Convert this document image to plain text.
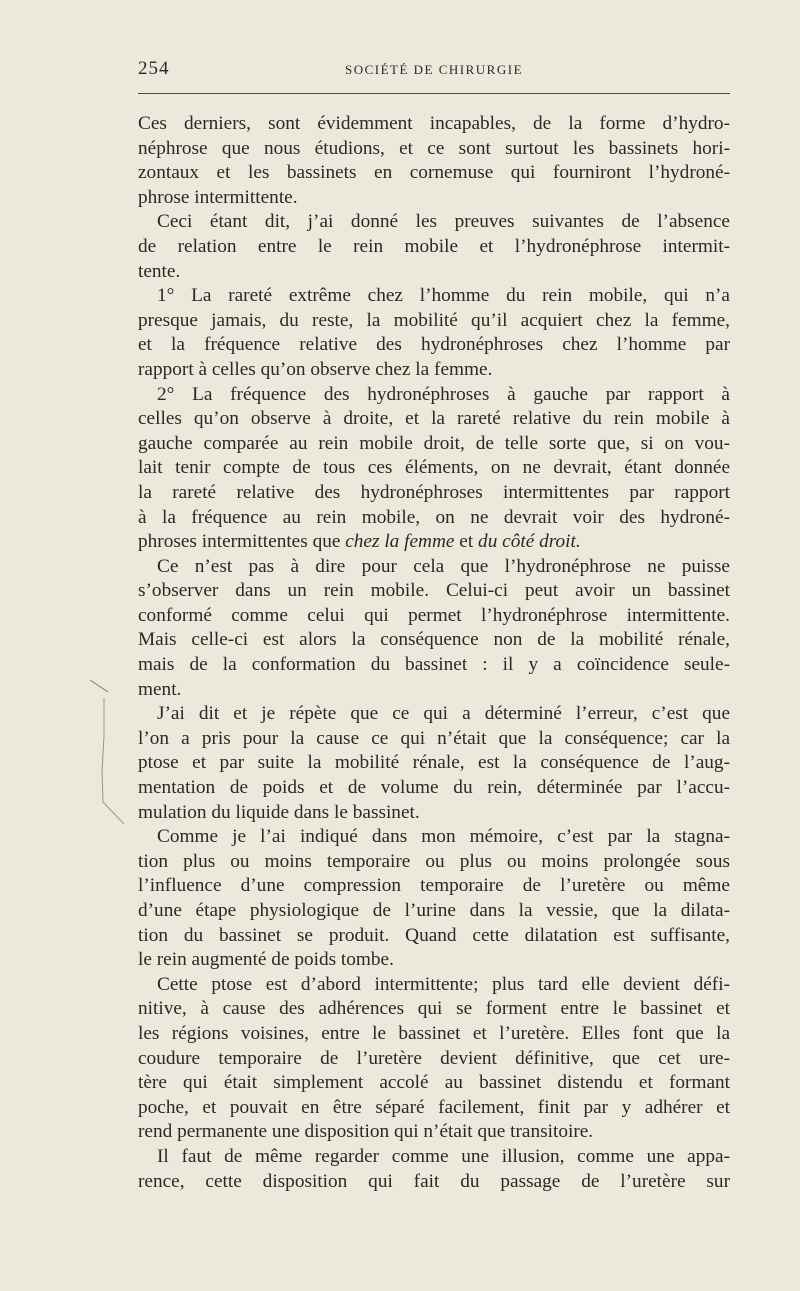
254	SOCIÉTÉ DE CHIRURGIE
Ces derniers, sont évidemment incapables, de la forme d’hydro-
néphrose que nous étudions, et ce sont surtout les bassinets hori-
zontaux et les bassinets en cornemuse qui fourniront l’hydroné-
phrose intermittente.
Ceci étant dit, j’ai donné les preuves suivantes de l’absence
de relation entre le rein mobile et l’hydronéphrose intermit-
tente.
1° La rareté extrême chez l’homme du rein mobile, qui n’a
presque jamais, du reste, la mobilité qu’il acquiert chez la femme,
et la fréquence relative des hydronéphroses chez l’homme par
rapport à celles qu’on observe chez la femme.
2° La fréquence des hydronéphroses à gauche par rapport à
celles qu’on observe à droite, et la rareté relative du rein mobile à
gauche comparée au rein mobile droit, de telle sorte que, si on vou-
lait tenir compte de tous ces éléments, on ne devrait, étant donnée
la rareté relative des hydronéphroses intermittentes par rapport
à la fréquence au rein mobile, on ne devrait voir des hydroné-
phroses intermittentes que chez la femme et du côté droit.
Ce n’est pas à dire pour cela que l’hydronéphrose ne puisse
s’observer dans un rein mobile. Celui-ci peut avoir un bassinet
conformé comme celui qui permet l’hydronéphrose intermittente.
Mais celle-ci est alors la conséquence non de la mobilité rénale,
mais de la conformation du bassinet : il y a coïncidence seule-
ment.
J’ai dit et je répète que ce qui a déterminé l’erreur, c’est que
l’on a pris pour la cause ce qui n’était que la conséquence; car la
ptose et par suite la mobilité rénale, est la conséquence de l’aug-
mentation de poids et de volume du rein, déterminée par l’accu-
mulation du liquide dans le bassinet.
Comme je l’ai indiqué dans mon mémoire, c’est par la stagna-
tion plus ou moins temporaire ou plus ou moins prolongée sous
l’influence d’une compression temporaire de l’uretère ou même
d’une étape physiologique de l’urine dans la vessie, que la dilata-
tion du bassinet se produit. Quand cette dilatation est suffisante,
le rein augmenté de poids tombe.
Cette ptose est d’abord intermittente; plus tard elle devient défi-
nitive, à cause des adhérences qui se forment entre le bassinet et
les régions voisines, entre le bassinet et l’uretère. Elles font que la
coudure temporaire de l’uretère devient définitive, que cet ure-
tère qui était simplement accolé au bassinet distendu et formant
poche, et pouvait en être séparé facilement, finit par y adhérer et
rend permanente une disposition qui n’était que transitoire.
Il faut de même regarder comme une illusion, comme une appa-
rence, cette disposition qui fait du passage de l’uretère sur
